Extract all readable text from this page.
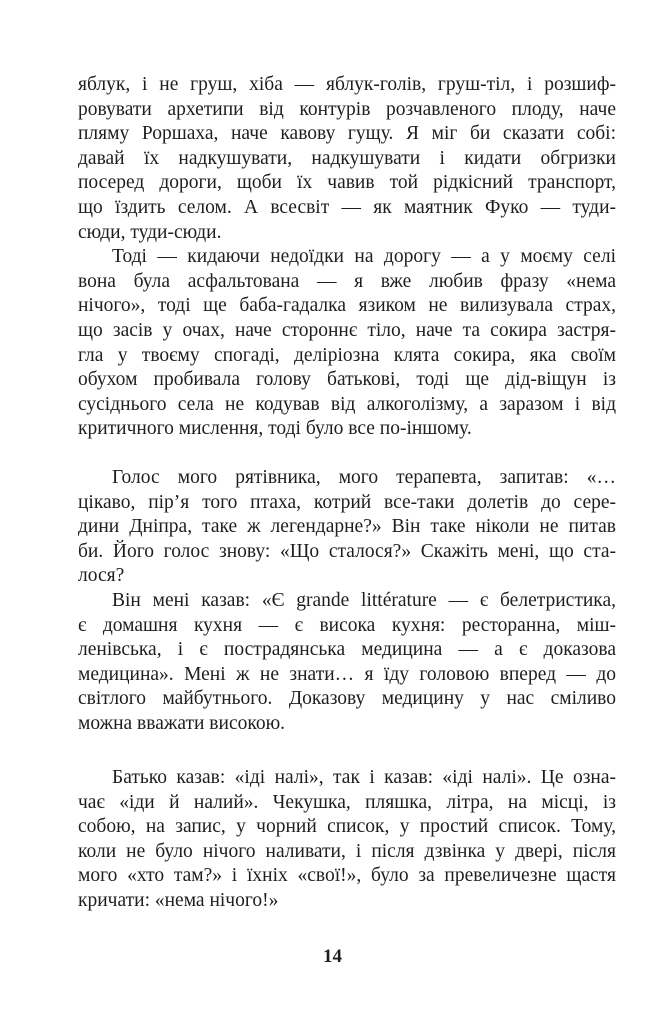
яблук, і не груш, хіба — яблук-голів, груш-тіл, і розшиф-
ровувати архетипи від контурів розчавленого плоду, наче
пляму Роршаха, наче кавову гущу. Я міг би сказати собі:
давай їх надкушувати, надкушувати і кидати обгризки
посеред дороги, щоби їх чавив той рідкісний транспорт,
що їздить селом. А всесвіт — як маятник Фуко — туди-
сюди, туди-сюди.
Тоді — кидаючи недоїдки на дорогу — а у моєму селі
вона була асфальтована — я вже любив фразу «нема
нічого», тоді ще баба-гадалка язиком не вилизувала страх,
що засів у очах, наче стороннє тіло, наче та сокира застря-
гла у твоєму спогаді, деліріозна клята сокира, яка своїм
обухом пробивала голову батькові, тоді ще дід-віщун із
сусіднього села не кодував від алкоголізму, а заразом і від
критичного мислення, тоді було все по-іншому.
Голос мого рятівника, мого терапевта, запитав: «…
цікаво, пір’я того птаха, котрий все-таки долетів до сере-
дини Дніпра, таке ж легендарне?» Він таке ніколи не питав
би. Його голос знову: «Що сталося?» Скажіть мені, що ста-
лося?
Він мені казав: «Є grande littérature — є белетристика,
є домашня кухня — є висока кухня: ресторанна, міш-
ленівська, і є пострадянська медицина — а є доказова
медицина». Мені ж не знати… я їду головою вперед — до
світлого майбутнього. Доказову медицину у нас сміливо
можна вважати високою.
Батько казав: «іді налі», так і казав: «іді налі». Це озна-
чає «іди й налий». Чекушка, пляшка, літра, на місці, із
собою, на запис, у чорний список, у простий список. Тому,
коли не було нічого наливати, і після дзвінка у двері, після
мого «хто там?» і їхніх «свої!», було за превеличезне щастя
кричати: «нема нічого!»
14
